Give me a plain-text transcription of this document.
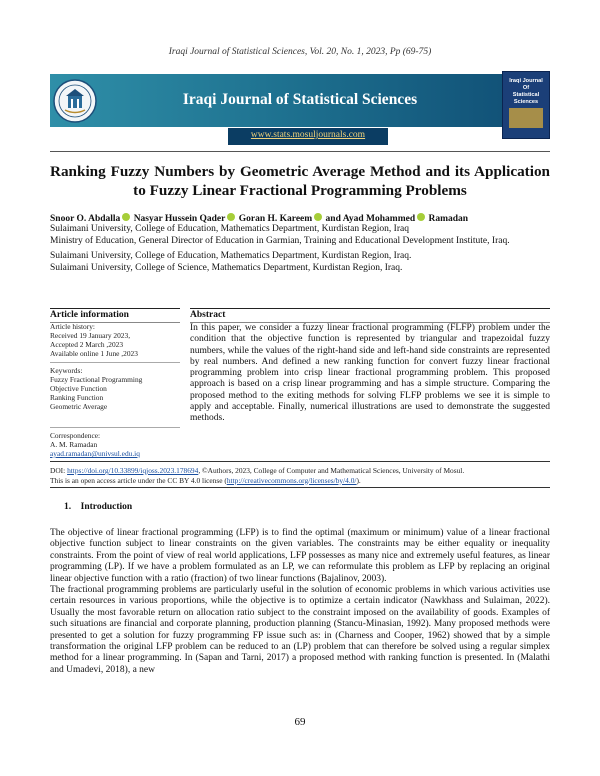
Iraqi Journal of Statistical Sciences, Vol. 20, No. 1, 2023, Pp (69-75)
Iraqi Journal of Statistical Sciences
www.stats.mosuljournals.com
Iraqi Journal
Of
Statistical Sciences
Ranking Fuzzy Numbers by Geometric Average Method and its Application to Fuzzy Linear Fractional Programming Problems
Snoor O. Abdalla Nasyar Hussein Qader Goran H. Kareem and Ayad Mohammed Ramadan
Sulaimani University, College of Education, Mathematics Department, Kurdistan Region, Iraq
Ministry of Education, General Director of Education in Garmian, Training and Educational Development Institute, Iraq.
Sulaimani University, College of Education, Mathematics Department, Kurdistan Region, Iraq.
Sulaimani University, College of Science, Mathematics Department, Kurdistan Region, Iraq.
Article information
Article history:
Received 19 January 2023,
Accepted 2 March ,2023
Available online 1 June ,2023
Keywords:
Fuzzy Fractional Programming
Objective Function
Ranking Function
Geometric Average
Correspondence:
A. M. Ramadan
ayad.ramadan@univsul.edu.iq
Abstract
In this paper, we consider a fuzzy linear fractional programming (FLFP) problem under the condition that the objective function is represented by triangular and trapezoidal fuzzy numbers, while the values of the right-hand side and left-hand side constraints are represented by real numbers. And defined a new ranking function for convert fuzzy linear fractional programming problem into crisp linear fractional programming problem. This proposed approach is based on a crisp linear programming and has a simple structure. Comparing the proposed method to the exiting methods for solving FLFP problems we see it is simple to apply and acceptable. Finally, numerical illustrations are used to demonstrate the suggested methods.
DOI: https://doi.org/10.33899/iqjoss.2023.178694, ©Authors, 2023, College of Computer and Mathematical Sciences, University of Mosul.
This is an open access article under the CC BY 4.0 license (http://creativecommons.org/licenses/by/4.0/).
1. Introduction

The objective of linear fractional programming (LFP) is to find the optimal (maximum or minimum) value of a linear fractional objective function subject to linear constraints on the given variables. The constraints may be either equality or inequality constraints. From the point of view of real world applications, LFP possesses as many nice and extremely useful features, as linear programming (LP). If we have a problem formulated as an LP, we can reformulate this problem as LFP by replacing an original linear objective function with a ratio (fraction) of two linear functions (Bajalinov, 2003).

The fractional programming problems are particularly useful in the solution of economic problems in which various activities use certain resources in various proportions, while the objective is to optimize a certain indicator (Nawkhass and Sulaiman, 2022). Usually the most favorable return on allocation ratio subject to the constraint imposed on the availability of goods. Examples of such situations are financial and corporate planning, production planning (Stancu-Minasian, 1992). Many proposed methods were presented to get a solution for fuzzy programming FP issue such as: in (Charness and Cooper, 1962) showed that by a simple transformation the original LFP problem can be reduced to an (LP) problem that can therefore be solved using a regular simplex method for a linear programming. In (Sapan and Tarni, 2017) a proposed method with ranking function is presented. In (Malathi and Umadevi, 2018), a new

69
